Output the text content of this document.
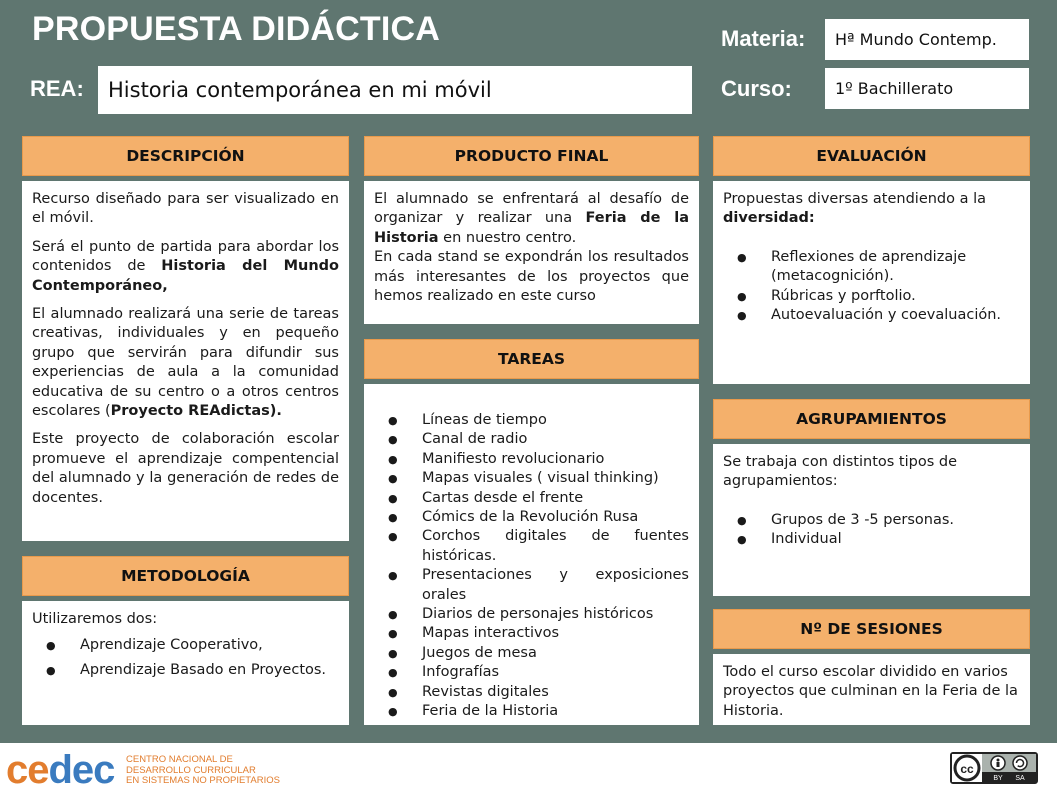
PROPUESTA DIDÁCTICA
REA:	Historia contemporánea en mi móvil
Materia:	Hª Mundo Contemp.
Curso:	1º Bachillerato
DESCRIPCIÓN

Recurso diseñado para ser visualizado en el móvil.

Será el punto de partida para abordar los contenidos de Historia del Mundo Contemporáneo,

El alumnado realizará una serie de tareas creativas, individuales y en pequeño grupo que servirán para difundir sus experiencias de aula a la comunidad educativa de su centro o a otros centros escolares (Proyecto REAdictas).

Este proyecto de colaboración escolar promueve el aprendizaje compentencial del alumnado y la generación de redes de docentes.

METODOLOGÍA

Utilizaremos dos:

● Aprendizaje Cooperativo,
● Aprendizaje Basado en Proyectos.
PRODUCTO FINAL

El alumnado se enfrentará al desafío de organizar y realizar una Feria de la Historia en nuestro centro.

En cada stand se expondrán los resultados más interesantes de los proyectos que hemos realizado en este curso

TAREAS
● Líneas de tiempo
● Canal de radio
● Manifiesto revolucionario
● Mapas visuales ( visual thinking)
● Cartas desde el frente
● Cómics de la Revolución Rusa
● Corchos digitales de fuentes históricas.
● Presentaciones y exposiciones orales
● Diarios de personajes históricos
● Mapas interactivos
● Juegos de mesa
● Infografías
● Revistas digitales
● Feria de la Historia
EVALUACIÓN

Propuestas diversas atendiendo a la diversidad:

● Reflexiones de aprendizaje (metacognición).
● Rúbricas y porftolio.
● Autoevaluación y coevaluación.
AGRUPAMIENTOS

Se trabaja con distintos tipos de agrupamientos:

● Grupos de 3 -5 personas.
● Individual
Nº DE SESIONES

Todo el curso escolar dividido en varios proyectos que culminan en la Feria de la Historia.

cedec CENTRO NACIONAL DE
DESARROLLO CURRICULAR
EN SISTEMAS NO PROPIETARIOS
cc
BY SA
